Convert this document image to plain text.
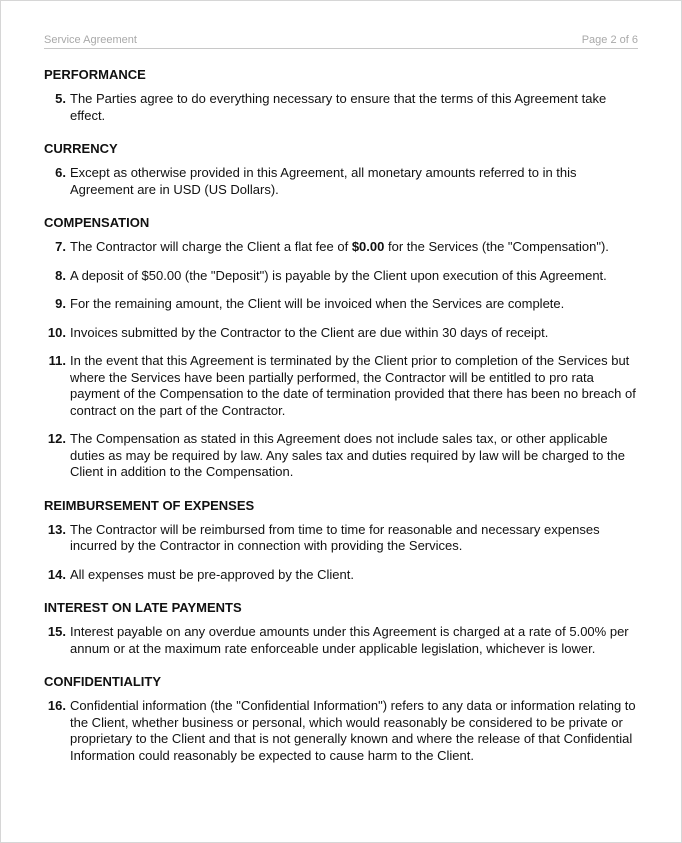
Service Agreement	Page 2 of 6
PERFORMANCE
5. The Parties agree to do everything necessary to ensure that the terms of this Agreement take effect.
CURRENCY
6. Except as otherwise provided in this Agreement, all monetary amounts referred to in this Agreement are in USD (US Dollars).
COMPENSATION
7. The Contractor will charge the Client a flat fee of $0.00 for the Services (the "Compensation").
8. A deposit of $50.00 (the "Deposit") is payable by the Client upon execution of this Agreement.
9. For the remaining amount, the Client will be invoiced when the Services are complete.
10. Invoices submitted by the Contractor to the Client are due within 30 days of receipt.
11. In the event that this Agreement is terminated by the Client prior to completion of the Services but where the Services have been partially performed, the Contractor will be entitled to pro rata payment of the Compensation to the date of termination provided that there has been no breach of contract on the part of the Contractor.
12. The Compensation as stated in this Agreement does not include sales tax, or other applicable duties as may be required by law. Any sales tax and duties required by law will be charged to the Client in addition to the Compensation.
REIMBURSEMENT OF EXPENSES
13. The Contractor will be reimbursed from time to time for reasonable and necessary expenses incurred by the Contractor in connection with providing the Services.
14. All expenses must be pre-approved by the Client.
INTEREST ON LATE PAYMENTS
15. Interest payable on any overdue amounts under this Agreement is charged at a rate of 5.00% per annum or at the maximum rate enforceable under applicable legislation, whichever is lower.
CONFIDENTIALITY
16. Confidential information (the "Confidential Information") refers to any data or information relating to the Client, whether business or personal, which would reasonably be considered to be private or proprietary to the Client and that is not generally known and where the release of that Confidential Information could reasonably be expected to cause harm to the Client.
